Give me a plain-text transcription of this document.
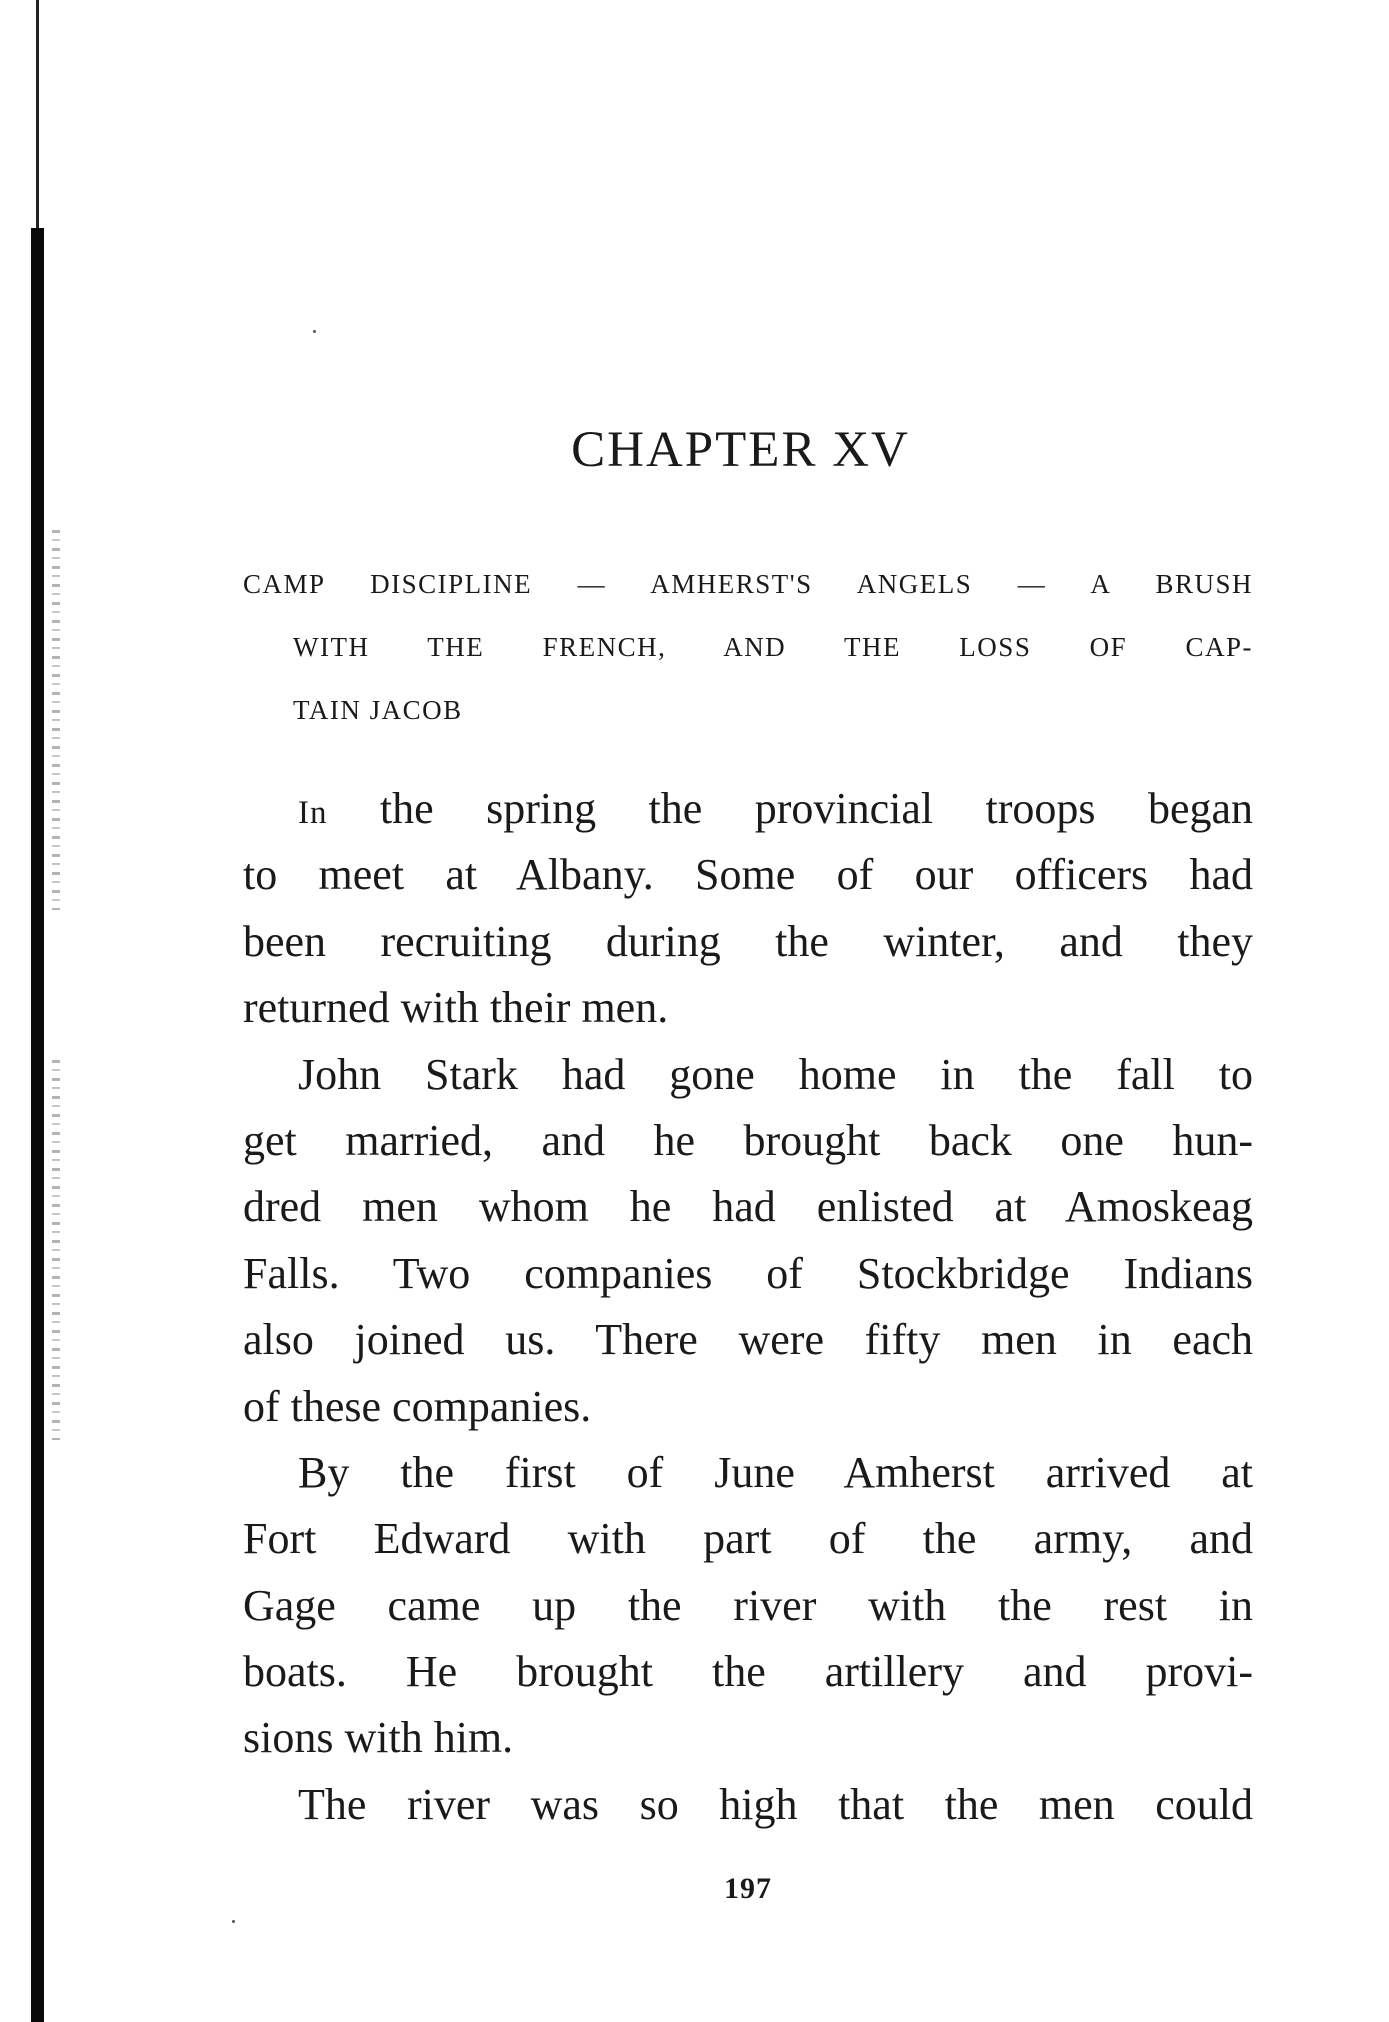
CHAPTER XV
CAMP DISCIPLINE — AMHERST'S ANGELS — A BRUSH
WITH THE FRENCH, AND THE LOSS OF CAP-
TAIN JACOB
In the spring the provincial troops began
to meet at Albany. Some of our officers had
been recruiting during the winter, and they
returned with their men.
John Stark had gone home in the fall to
get married, and he brought back one hun-
dred men whom he had enlisted at Amoskeag
Falls. Two companies of Stockbridge Indians
also joined us. There were fifty men in each
of these companies.
By the first of June Amherst arrived at
Fort Edward with part of the army, and
Gage came up the river with the rest in
boats. He brought the artillery and provi-
sions with him.
The river was so high that the men could
197
